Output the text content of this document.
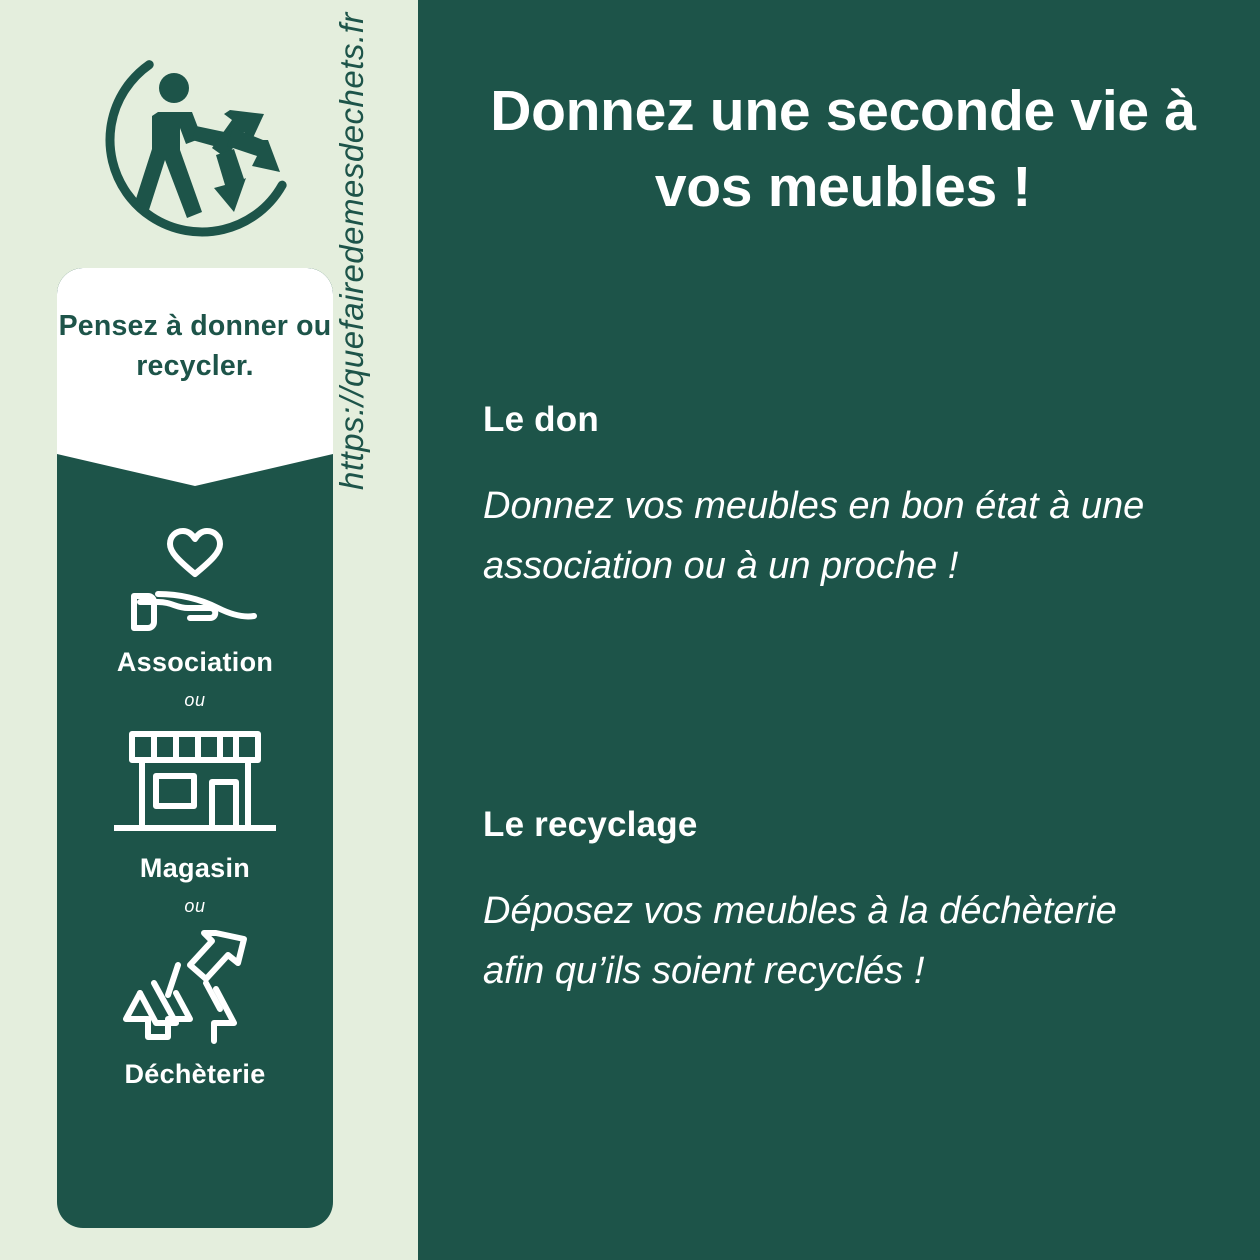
Pensez à donner ou recycler.
Association
ou
Magasin
ou
Déchèterie
https://quefairedemesdechets.fr	Donnez une seconde vie à vos meubles !
Le don
Donnez vos meubles en bon état à une association ou à un proche !
Le recyclage
Déposez vos meubles à la déchèterie afin qu’ils soient recyclés !
